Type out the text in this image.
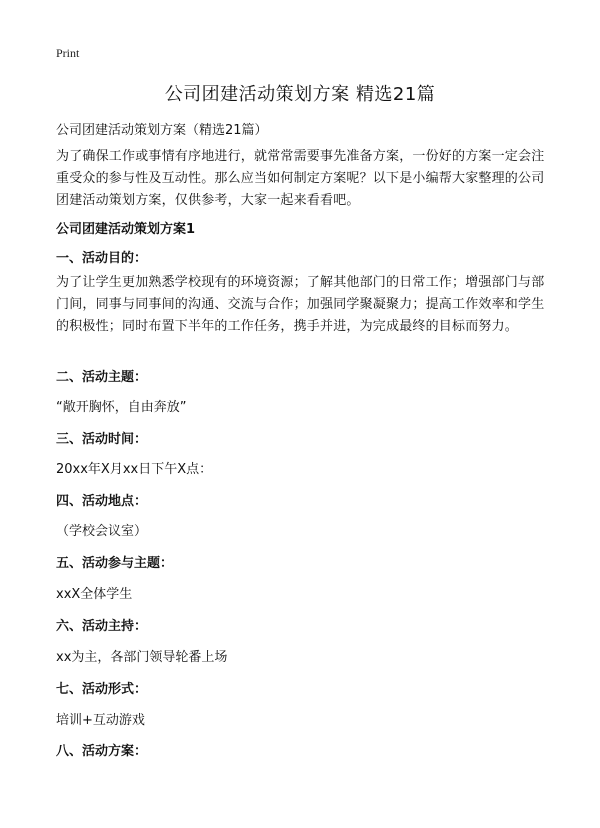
Print
公司团建活动策划方案 精选21篇
公司团建活动策划方案（精选21篇）
为了确保工作或事情有序地进行，就常常需要事先准备方案，一份好的方案一定会注重受众的参与性及互动性。那么应当如何制定方案呢？以下是小编帮大家整理的公司团建活动策划方案，仅供参考，大家一起来看看吧。
公司团建活动策划方案1
一、活动目的：
为了让学生更加熟悉学校现有的环境资源；了解其他部门的日常工作；增强部门与部门间，同事与同事间的沟通、交流与合作；加强同学聚凝聚力；提高工作效率和学生的积极性；同时布置下半年的工作任务，携手并进，为完成最终的目标而努力。
二、活动主题：
“敞开胸怀，自由奔放”
三、活动时间：
20xx年X月xx日下午X点：
四、活动地点：
（学校会议室）
五、活动参与主题：
xxX全体学生
六、活动主持：
xx为主，各部门领导轮番上场
七、活动形式：
培训+互动游戏
八、活动方案：
